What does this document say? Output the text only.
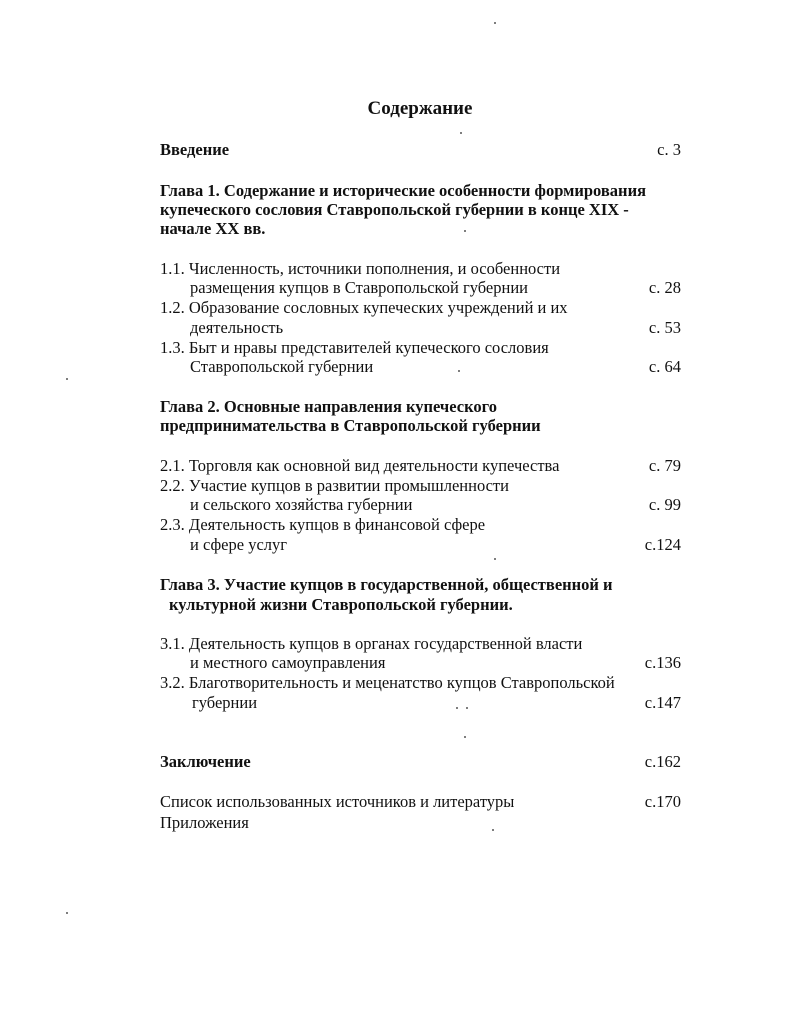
Содержание
Введение	с. 3
Глава 1. Содержание и исторические особенности формирования
купеческого сословия Ставропольской губернии в конце XIX -
начале XX вв.
1.1. Численность, источники пополнения, и особенности
размещения купцов в Ставропольской губернии	с. 28
1.2. Образование сословных купеческих учреждений и их
деятельность	с. 53
1.3. Быт и нравы представителей купеческого сословия
Ставропольской губернии	с. 64
Глава 2. Основные направления купеческого
предпринимательства в Ставропольской губернии
2.1. Торговля как основной вид деятельности купечества	с. 79
2.2. Участие купцов в развитии промышленности
и сельского хозяйства губернии	с. 99
2.3. Деятельность купцов в финансовой сфере
и сфере услуг	с.124
Глава 3. Участие купцов в государственной, общественной и
культурной жизни Ставропольской губернии.
3.1. Деятельность купцов в органах государственной власти
и местного самоуправления	с.136
3.2. Благотворительность и меценатство купцов Ставропольской
губернии	с.147
Заключение	с.162
Список использованных источников и литературы	с.170
Приложения
